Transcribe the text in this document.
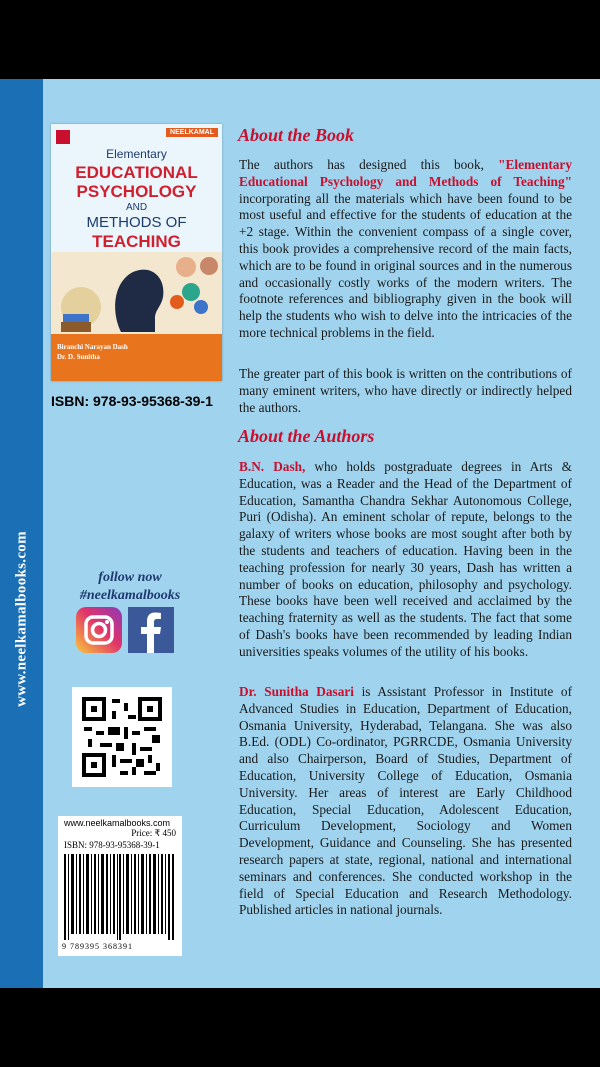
www.neelkamalbooks.com
NEELKAMAL
Elementary
EDUCATIONAL
PSYCHOLOGY
AND
METHODS OF
TEACHING
Biranchi Narayan Dash
Dr. D. Sunitha
ISBN: 978-93-95368-39-1
follow now
#neelkamalbooks
www.neelkamalbooks.com
Price: ₹ 450
ISBN: 978-93-95368-39-1
9 789395 368391
About the Book
The authors has designed this book, "Elementary Educational Psychology and Methods of Teaching" incorporating all the materials which have been found to be most useful and effective for the students of education at the +2 stage. Within the convenient compass of a single cover, this book provides a comprehensive record of the main facts, which are to be found in original sources and in the numerous and occasionally costly works of the modern writers. The footnote references and bibliography given in the book will help the students who wish to delve into the intricacies of the more technical problems in the field.
The greater part of this book is written on the contributions of many eminent writers, who have directly or indirectly helped the authors.
About the Authors
B.N. Dash, who holds postgraduate degrees in Arts & Education, was a Reader and the Head of the Department of Education, Samantha Chandra Sekhar Autonomous College, Puri (Odisha). An eminent scholar of repute, belongs to the galaxy of writers whose books are most sought after both by the students and teachers of education. Having been in the teaching profession for nearly 30 years, Dash has written a number of books on education, philosophy and psychology. These books have been well received and acclaimed by the teaching fraternity as well as the students. The fact that some of Dash's books have been recommended by leading Indian universities speaks volumes of the utility of his books.
Dr. Sunitha Dasari is Assistant Professor in Institute of Advanced Studies in Education, Department of Education, Osmania University, Hyderabad, Telangana. She was also B.Ed. (ODL) Co-ordinator, PGRRCDE, Osmania University and also Chairperson, Board of Studies, Department of Education, University College of Education, Osmania University. Her areas of interest are Early Childhood Education, Special Education, Adolescent Education, Curriculum Development, Sociology and Women Development, Guidance and Counseling. She has presented research papers at state, regional, national and international seminars and conferences. She conducted workshop in the field of Special Education and Research Methodology. Published articles in national journals.
